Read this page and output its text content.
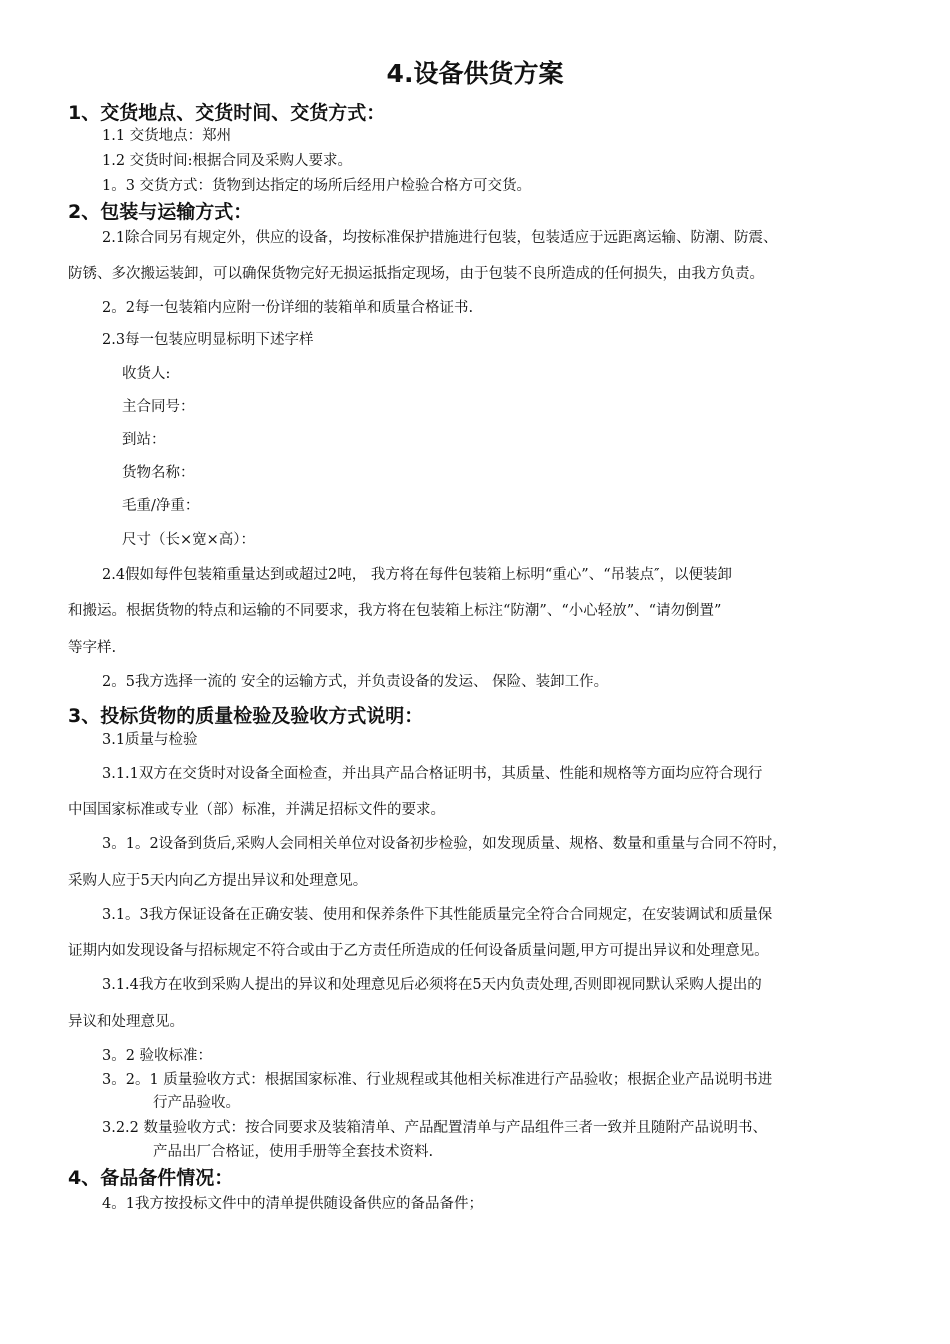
4.设备供货方案
1、交货地点、交货时间、交货方式：
1.1 交货地点：郑州
1.2 交货时间:根据合同及采购人要求。
1。3 交货方式：货物到达指定的场所后经用户检验合格方可交货。
2、包装与运输方式：
2.1除合同另有规定外，供应的设备，均按标准保护措施进行包装，包装适应于远距离运输、防潮、防震、
防锈、多次搬运装卸，可以确保货物完好无损运抵指定现场，由于包装不良所造成的任何损失，由我方负责。
2。2每一包装箱内应附一份详细的装箱单和质量合格证书.
2.3每一包装应明显标明下述字样
收货人:
主合同号：
到站：
货物名称：
毛重/净重：
尺寸（长×宽×高）：
2.4假如每件包装箱重量达到或超过2吨， 我方将在每件包装箱上标明“重心”、“吊装点″，以便装卸
和搬运。根据货物的特点和运输的不同要求，我方将在包装箱上标注“防潮”、“小心轻放”、“请勿倒置”
等字样.
2。5我方选择一流的 安全的运输方式，并负责设备的发运、 保险、装卸工作。
3、投标货物的质量检验及验收方式说明：
3.1质量与检验
3.1.1双方在交货时对设备全面检查，并出具产品合格证明书，其质量、性能和规格等方面均应符合现行
中国国家标准或专业（部）标准，并满足招标文件的要求。
3。1。2设备到货后,采购人会同相关单位对设备初步检验，如发现质量、规格、数量和重量与合同不符时，
采购人应于5天内向乙方提出异议和处理意见。
3.1。3我方保证设备在正确安装、使用和保养条件下其性能质量完全符合合同规定，在安装调试和质量保
证期内如发现设备与招标规定不符合或由于乙方责任所造成的任何设备质量问题,甲方可提出异议和处理意见。
3.1.4我方在收到采购人提出的异议和处理意见后必须将在5天内负责处理,否则即视同默认采购人提出的
异议和处理意见。
3。2 验收标准：
3。2。1 质量验收方式：根据国家标准、行业规程或其他相关标准进行产品验收；根据企业产品说明书进
行产品验收。
3.2.2 数量验收方式：按合同要求及装箱清单、产品配置清单与产品组件三者一致并且随附产品说明书、
产品出厂合格证，使用手册等全套技术资料.
4、备品备件情况：
4。1我方按投标文件中的清单提供随设备供应的备品备件；
